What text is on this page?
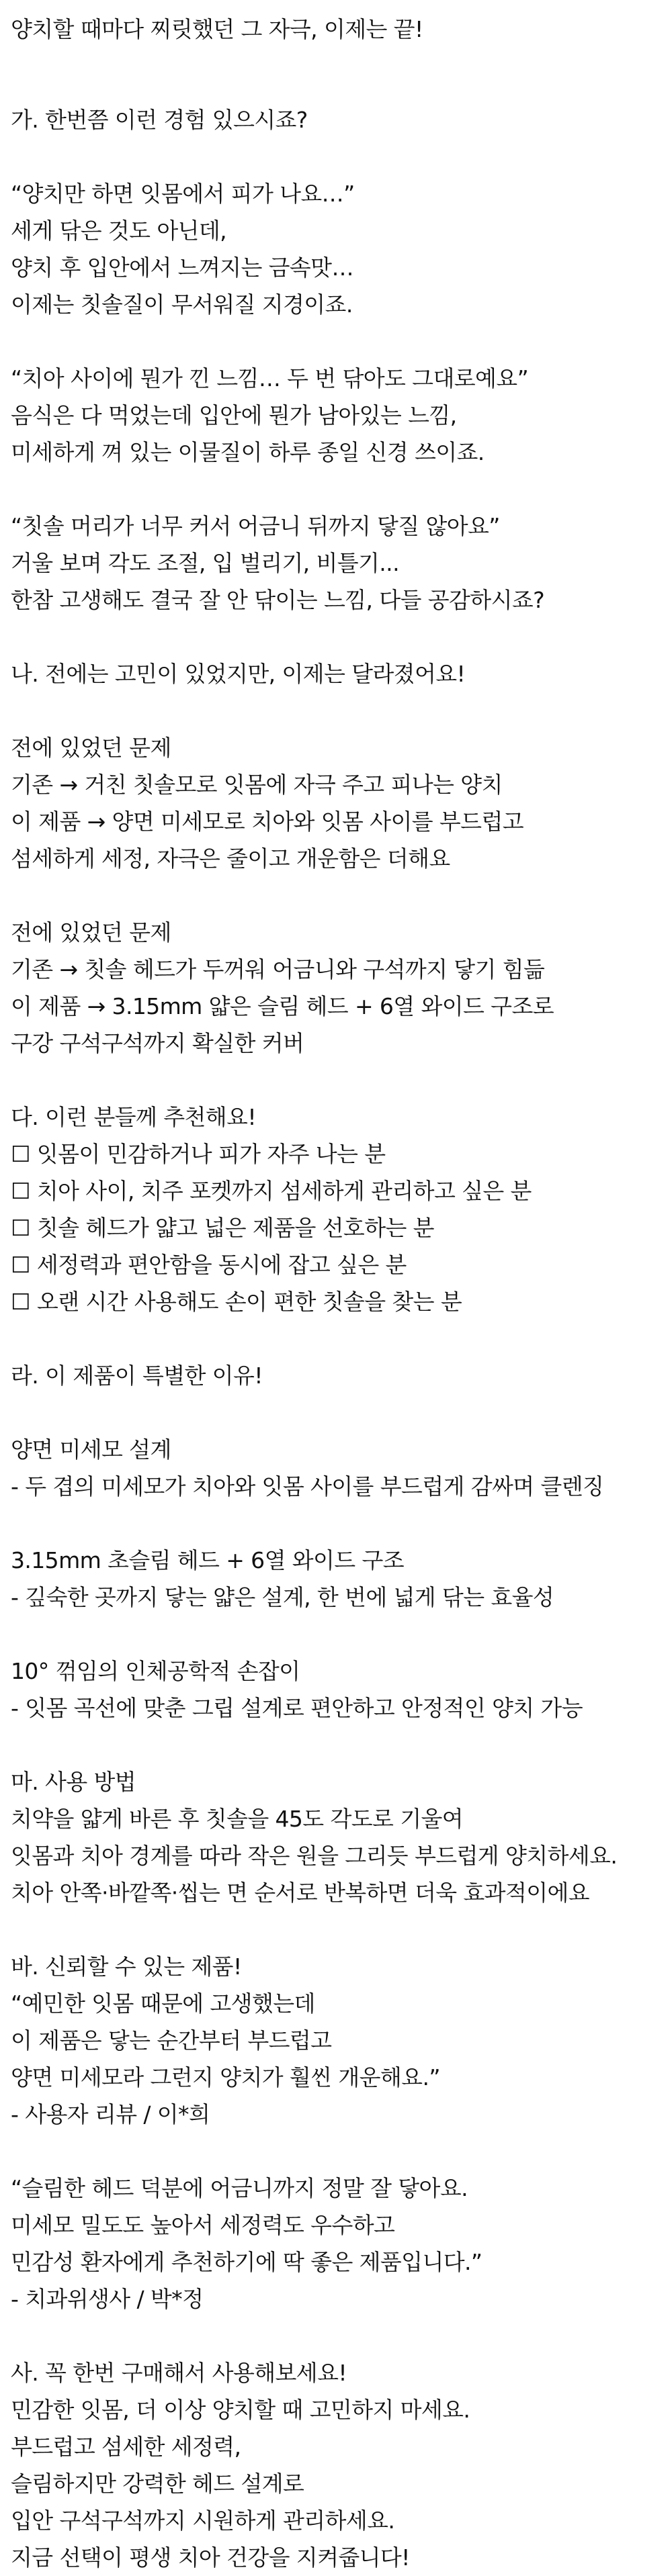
양치할 때마다 찌릿했던 그 자극, 이제는 끝!
가. 한번쯤 이런 경험 있으시죠?
“양치만 하면 잇몸에서 피가 나요…”
세게 닦은 것도 아닌데,
양치 후 입안에서 느껴지는 금속맛…
이제는 칫솔질이 무서워질 지경이죠.
“치아 사이에 뭔가 낀 느낌… 두 번 닦아도 그대로예요”
음식은 다 먹었는데 입안에 뭔가 남아있는 느낌,
미세하게 껴 있는 이물질이 하루 종일 신경 쓰이죠.
“칫솔 머리가 너무 커서 어금니 뒤까지 닿질 않아요”
거울 보며 각도 조절, 입 벌리기, 비틀기...
한참 고생해도 결국 잘 안 닦이는 느낌, 다들 공감하시죠?
나. 전에는 고민이 있었지만, 이제는 달라졌어요!
전에 있었던 문제
기존 → 거친 칫솔모로 잇몸에 자극 주고 피나는 양치
이 제품 → 양면 미세모로 치아와 잇몸 사이를 부드럽고
섬세하게 세정, 자극은 줄이고 개운함은 더해요
전에 있었던 문제
기존 → 칫솔 헤드가 두꺼워 어금니와 구석까지 닿기 힘듦
이 제품 → 3.15mm 얇은 슬림 헤드 + 6열 와이드 구조로
구강 구석구석까지 확실한 커버
다. 이런 분들께 추천해요!
☐ 잇몸이 민감하거나 피가 자주 나는 분
☐ 치아 사이, 치주 포켓까지 섬세하게 관리하고 싶은 분
☐ 칫솔 헤드가 얇고 넓은 제품을 선호하는 분
☐ 세정력과 편안함을 동시에 잡고 싶은 분
☐ 오랜 시간 사용해도 손이 편한 칫솔을 찾는 분
라. 이 제품이 특별한 이유!
양면 미세모 설계
- 두 겹의 미세모가 치아와 잇몸 사이를 부드럽게 감싸며 클렌징
3.15mm 초슬림 헤드 + 6열 와이드 구조
- 깊숙한 곳까지 닿는 얇은 설계, 한 번에 넓게 닦는 효율성
10° 꺾임의 인체공학적 손잡이
- 잇몸 곡선에 맞춘 그립 설계로 편안하고 안정적인 양치 가능
마. 사용 방법
치약을 얇게 바른 후 칫솔을 45도 각도로 기울여
잇몸과 치아 경계를 따라 작은 원을 그리듯 부드럽게 양치하세요.
치아 안쪽·바깥쪽·씹는 면 순서로 반복하면 더욱 효과적이에요
바. 신뢰할 수 있는 제품!
“예민한 잇몸 때문에 고생했는데
이 제품은 닿는 순간부터 부드럽고
양면 미세모라 그런지 양치가 훨씬 개운해요.”
- 사용자 리뷰 / 이*희
“슬림한 헤드 덕분에 어금니까지 정말 잘 닿아요.
미세모 밀도도 높아서 세정력도 우수하고
민감성 환자에게 추천하기에 딱 좋은 제품입니다.”
- 치과위생사 / 박*정
사. 꼭 한번 구매해서 사용해보세요!
민감한 잇몸, 더 이상 양치할 때 고민하지 마세요.
부드럽고 섬세한 세정력,
슬림하지만 강력한 헤드 설계로
입안 구석구석까지 시원하게 관리하세요.
지금 선택이 평생 치아 건강을 지켜줍니다!
